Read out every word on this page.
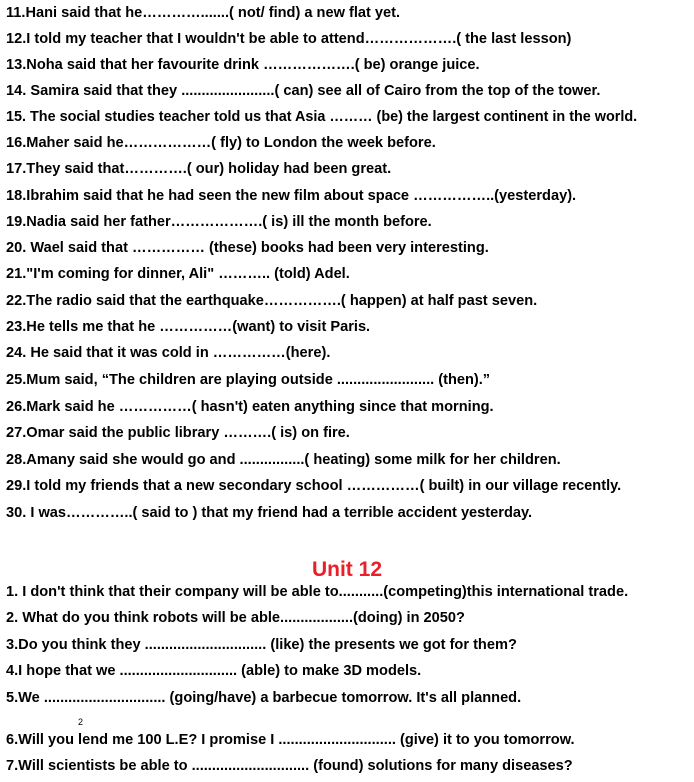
11.Hani said that he………….......( not/ find) a new flat yet.
12.I told my teacher that I wouldn't be able to attend……………….( the last lesson)
13.Noha said that her favourite drink ……………….( be) orange juice.
14. Samira said that they .......................( can) see all of Cairo from the top of the tower.
15. The social studies teacher told us that Asia ……… (be) the largest continent in the world.
16.Maher said he………………( fly) to London the week before.
17.They said that………….( our) holiday had been great.
18.Ibrahim said that he had seen the new film about space ……………..(yesterday).
19.Nadia said her father……………….( is) ill the month before.
20. Wael said that …………… (these) books had been very interesting.
21."I'm coming for dinner, Ali" ……….. (told) Adel.
22.The radio said that the earthquake…………….( happen) at half past seven.
23.He tells me that he ……………(want) to visit Paris.
24. He said that it was cold in ……………(here).
25.Mum said, “The children are playing outside ........................ (then).”
26.Mark said he ……………( hasn't) eaten anything since that morning.
27.Omar said the public library ……….( is) on fire.
28.Amany said she would go and ................( heating) some milk for her children.
29.I told my friends that a new secondary school ……………( built) in our village recently.
30. I was…………..( said to ) that my friend had a terrible accident yesterday.
Unit 12
1. I don't think that their company will be able to...........(competing)this international trade.
2. What do you think robots will be able..................(doing) in 2050?
3.Do you think they .............................. (like) the presents we got for them?
4.I hope that we ............................. (able) to make 3D models.
5.We .............................. (going/have) a barbecue tomorrow. It's all planned.
2
6.Will you lend me 100 L.E? I promise I ............................. (give) it to you tomorrow.
7.Will scientists be able to ............................. (found) solutions for many diseases?
